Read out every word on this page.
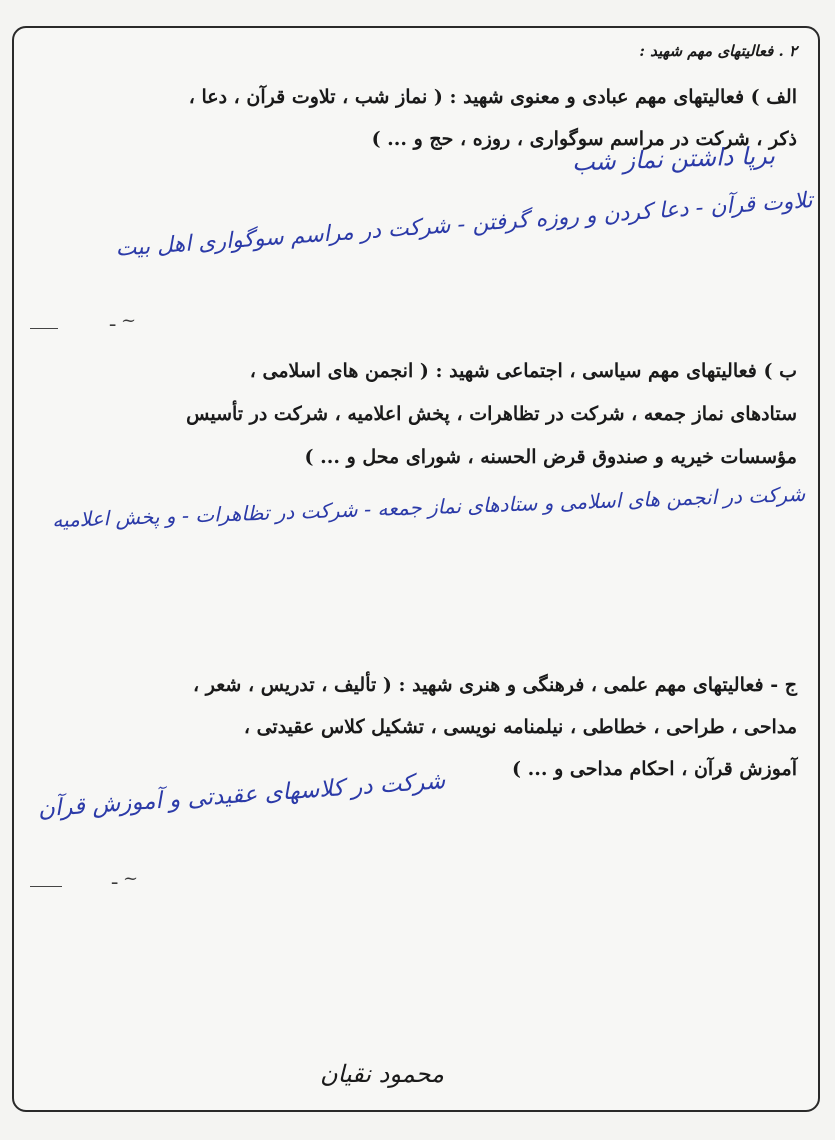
۲ . فعالیتهای مهم شهید :
الف ) فعالیتهای مهم عبادی و معنوی شهید : ( نماز شب ، تلاوت قرآن ، دعا ،
ذکر ، شرکت در مراسم سوگواری ، روزه ، حج و ... )
برپا داشتن نماز شب
تلاوت قرآن - دعا کردن و روزه گرفتن - شرکت در مراسم سوگواری اهل بیت
ـ ~
ب ) فعالیتهای مهم سیاسی ، اجتماعی شهید : ( انجمن های اسلامی ،
ستادهای نماز جمعه ، شرکت در تظاهرات ، پخش اعلامیه ، شرکت در تأسیس
مؤسسات خیریه و صندوق قرض الحسنه ، شورای محل و ... )
شرکت در انجمن های اسلامی و ستادهای نماز جمعه - شرکت در تظاهرات - و پخش اعلامیه
ج - فعالیتهای مهم علمی ، فرهنگی و هنری شهید : ( تألیف ، تدریس ، شعر ،
مداحی ، طراحی ، خطاطی ، نیلمنامه نویسی ، تشکیل کلاس عقیدتی ،
آموزش قرآن ، احکام مداحی و ... )
شرکت در کلاسهای عقیدتی و آموزش قرآن
ـ ~
محمود نقیان
